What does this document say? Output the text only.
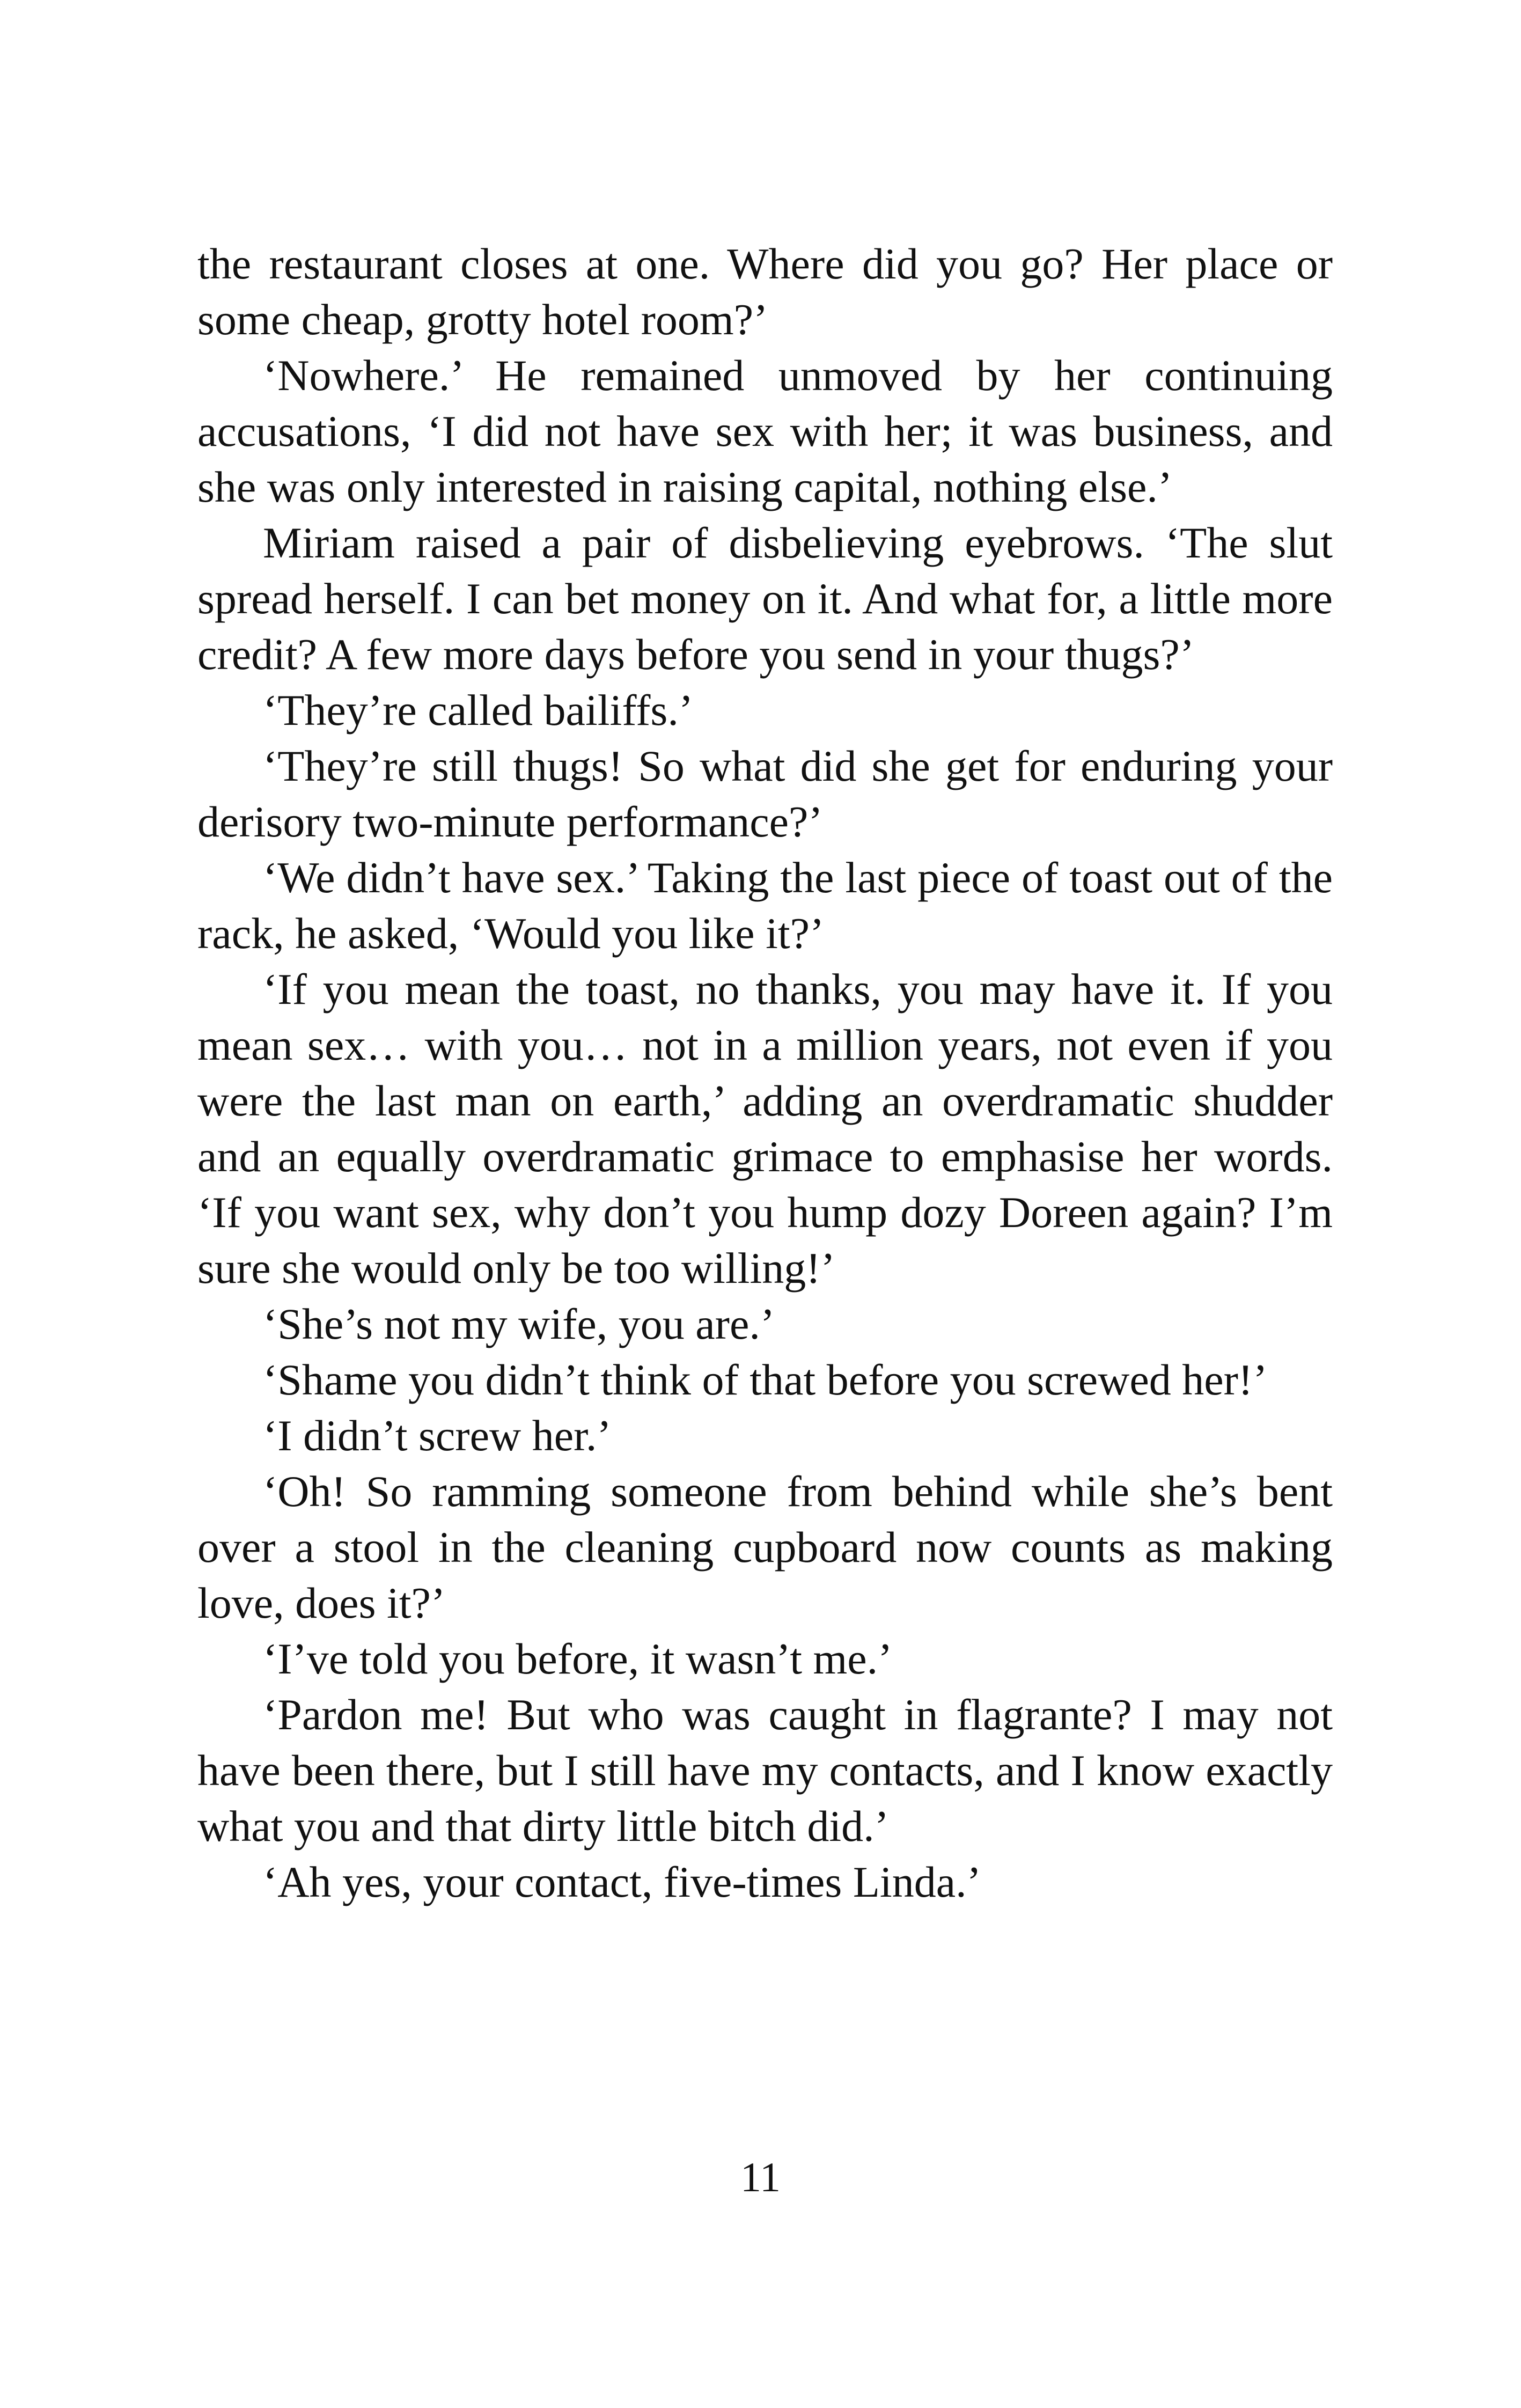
the restaurant closes at one. Where did you go? Her place or some cheap, grotty hotel room?’

‘Nowhere.’ He remained unmoved by her continuing accusations, ‘I did not have sex with her; it was business, and she was only interested in raising capital, nothing else.’

Miriam raised a pair of disbelieving eyebrows. ‘The slut spread herself. I can bet money on it. And what for, a little more credit? A few more days before you send in your thugs?’

‘They’re called bailiffs.’

‘They’re still thugs! So what did she get for enduring your derisory two-minute performance?’

‘We didn’t have sex.’ Taking the last piece of toast out of the rack, he asked, ‘Would you like it?’

‘If you mean the toast, no thanks, you may have it. If you mean sex… with you… not in a million years, not even if you were the last man on earth,’ adding an overdramatic shudder and an equally overdramatic grimace to emphasise her words. ‘If you want sex, why don’t you hump dozy Doreen again? I’m sure she would only be too willing!’

‘She’s not my wife, you are.’

‘Shame you didn’t think of that before you screwed her!’

‘I didn’t screw her.’

‘Oh! So ramming someone from behind while she’s bent over a stool in the cleaning cupboard now counts as making love, does it?’

‘I’ve told you before, it wasn’t me.’

‘Pardon me! But who was caught in flagrante? I may not have been there, but I still have my contacts, and I know exactly what you and that dirty little bitch did.’

‘Ah yes, your contact, five-times Linda.’

11
